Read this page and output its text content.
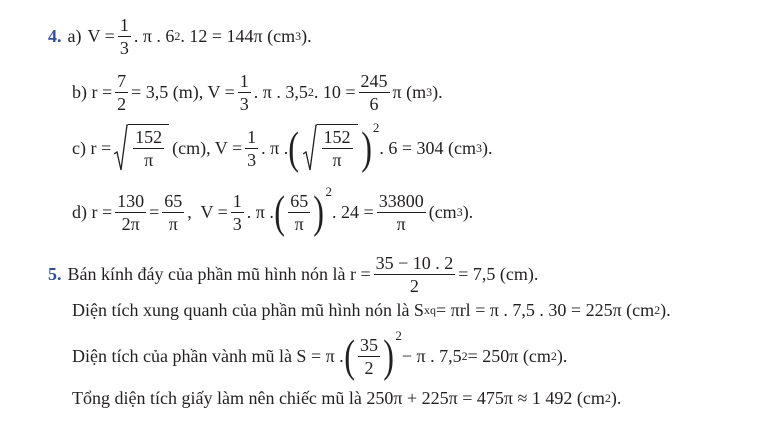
4. a) $V = \frac{1}{3}$ . π . 6 2 . 12 = 144π (cm 3 ).
b) $r = \frac{7}{2} = 3,5$ (m), $V = \frac{1}{3}$ . π . 3,5 2 . $10 = \frac{245}{6}$ π (m 3 ).
c) $r = \frac{152}{\pi} (cm)$, $V = \frac{1}{3}$ . π . ( $\frac{152}{\pi}$ ) 2
. 6 = 304 (cm 3 ).
d) $r = \frac{130}{2\pi} = \frac{65}{\pi}$ ,  $V = \frac{1}{3}$ . π . ( $\frac{65}{\pi}$ ) 2
. $24 = \frac{33800}{\pi} (cm$ 3 ).
5. Bán kính đáy của phần mũ hình nón là $r = \frac{35 - 10 . 2}{2} = 7,5$ (cm).
Diện tích xung quanh của phần mũ hình nón là S xq = πrl = π . 7,5 . 30 = 225π (cm 2 ).
Diện tích của phần vành mũ là S = π . ( $\frac{35}{2}$ ) 2
− π . 7,5 2 = 250π (cm 2 ).
Tổng diện tích giấy làm nên chiếc mũ là 250π + 225π = 475π ≈ 1 492 (cm 2 ).
